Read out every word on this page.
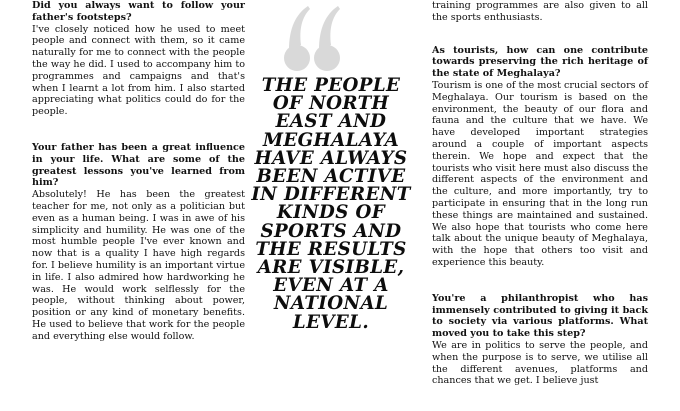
Did you always want to follow your father's footsteps?

I've closely noticed how he used to meet people and connect with them, so it came naturally for me to connect with the people the way he did. I used to accompany him to programmes and campaigns and that's when I learnt a lot from him. I also started appreciating what politics could do for the people.

Your father has been a great influence in your life. What are some of the greatest lessons you've learned from him?

Absolutely! He has been the greatest teacher for me, not only as a politician but even as a human being. I was in awe of his simplicity and humility. He was one of the most humble people I've ever known and now that is a quality I have high regards for. I believe humility is an important virtue in life. I also admired how hardworking he was. He would work selflessly for the people, without thinking about power, position or any kind of monetary benefits. He used to believe that work for the people and everything else would follow.

THE PEOPLE
OF NORTH
EAST AND
MEGHALAYA
HAVE ALWAYS
BEEN ACTIVE
IN DIFFERENT
KINDS OF
SPORTS AND
THE RESULTS
ARE VISIBLE,
EVEN AT A
NATIONAL
LEVEL.

training programmes are also given to all the sports enthusiasts.

As tourists, how can one contribute towards preserving the rich heritage of the state of Meghalaya?

Tourism is one of the most crucial sectors of Meghalaya. Our tourism is based on the environment, the beauty of our flora and fauna and the culture that we have. We have developed important strategies around a couple of important aspects therein. We hope and expect that the tourists who visit here must also discuss the different aspects of the environment and the culture, and more importantly, try to participate in ensuring that in the long run these things are maintained and sustained. We also hope that tourists who come here talk about the unique beauty of Meghalaya, with the hope that others too visit and experience this beauty.

You're a philanthropist who has immensely contributed to giving it back to society via various platforms. What moved you to take this step?

We are in politics to serve the people, and when the purpose is to serve, we utilise all the different avenues, platforms and chances that we get. I believe just
